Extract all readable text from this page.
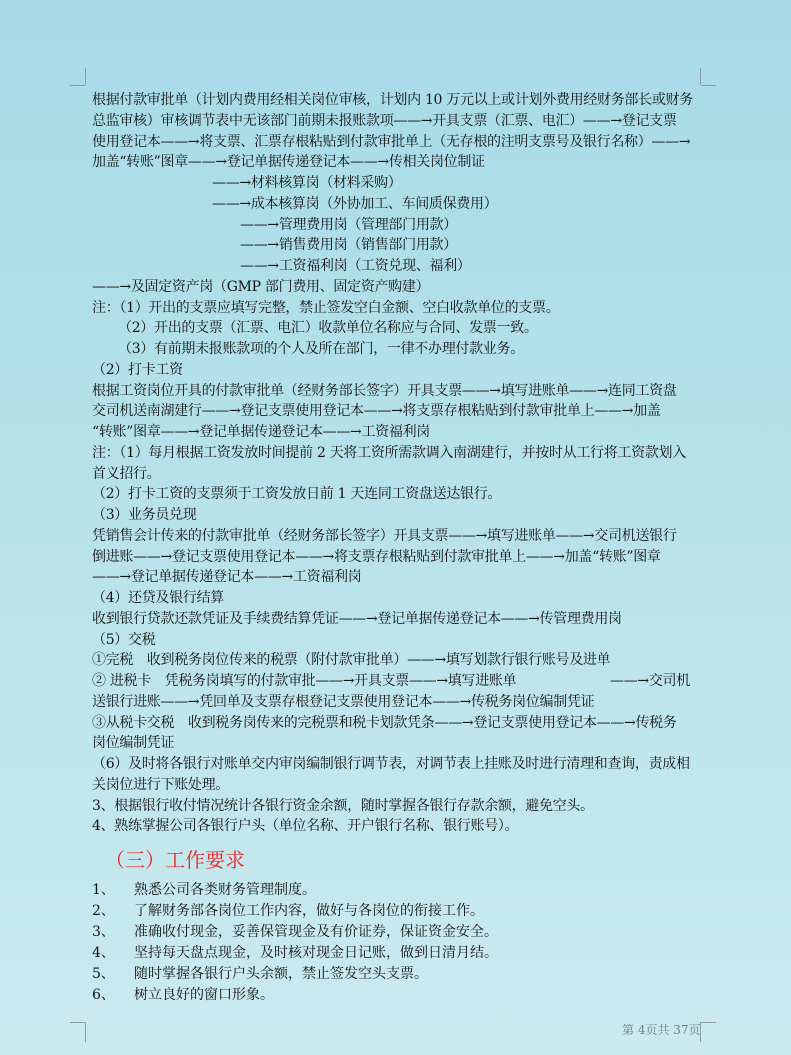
（三）工作要求
1、 熟悉公司各类财务管理制度。
2、 了解财务部各岗位工作内容，做好与各岗位的衔接工作。
3、 准确收付现金，妥善保管现金及有价证券，保证资金安全。
4、 坚持每天盘点现金，及时核对现金日记账，做到日清月结。
5、 随时掌握各银行户头余额，禁止签发空头支票。
6、 树立良好的窗口形象。
根据付款审批单（计划内费用经相关岗位审核，计划内 10 万元以上或计划外费用经财务部长或财务
总监审核）审核调节表中无该部门前期未报账款项——→开具支票（汇票、电汇）——→登记支票
使用登记本——→将支票、汇票存根粘贴到付款审批单上（无存根的注明支票号及银行名称）——→
加盖“转账”图章——→登记单据传递登记本——→传相关岗位制证
——→材料核算岗（材料采购）
——→成本核算岗（外协加工、车间质保费用）
——→管理费用岗（管理部门用款）
——→销售费用岗（销售部门用款）
——→工资福利岗（工资兑现、福利）
——→及固定资产岗（GMP 部门费用、固定资产购建）
注：（1）开出的支票应填写完整，禁止签发空白金额、空白收款单位的支票。
（2）开出的支票（汇票、电汇）收款单位名称应与合同、发票一致。
（3）有前期未报账款项的个人及所在部门，一律不办理付款业务。
（2）打卡工资
根据工资岗位开具的付款审批单（经财务部长签字）开具支票——→填写进账单——→连同工资盘
交司机送南湖建行——→登记支票使用登记本——→将支票存根粘贴到付款审批单上——→加盖
“转账”图章——→登记单据传递登记本——→工资福利岗
注：（1）每月根据工资发放时间提前 2 天将工资所需款调入南湖建行，并按时从工行将工资款划入
首义招行。
（2）打卡工资的支票须于工资发放日前 1 天连同工资盘送达银行。
（3）业务员兑现
凭销售会计传来的付款审批单（经财务部长签字）开具支票——→填写进账单——→交司机送银行
倒进账——→登记支票使用登记本——→将支票存根粘贴到付款审批单上——→加盖“转账”图章
——→登记单据传递登记本——→工资福利岗
（4）还贷及银行结算
收到银行贷款还款凭证及手续费结算凭证——→登记单据传递登记本——→传管理费用岗
（5）交税
①完税　收到税务岗位传来的税票（附付款审批单）——→填写划款行银行账号及进单
② 进税卡　凭税务岗填写的付款审批——→开具支票——→填写进账单	——→交司机
送银行进账——→凭回单及支票存根登记支票使用登记本——→传税务岗位编制凭证
③从税卡交税　收到税务岗传来的完税票和税卡划款凭条——→登记支票使用登记本——→传税务
岗位编制凭证
（6）及时将各银行对账单交内审岗编制银行调节表，对调节表上挂账及时进行清理和查询，责成相
关岗位进行下账处理。
3、根据银行收付情况统计各银行资金余额，随时掌握各银行存款余额，避免空头。
4、熟练掌握公司各银行户头（单位名称、开户银行名称、银行账号）。
第 4页共 37页
